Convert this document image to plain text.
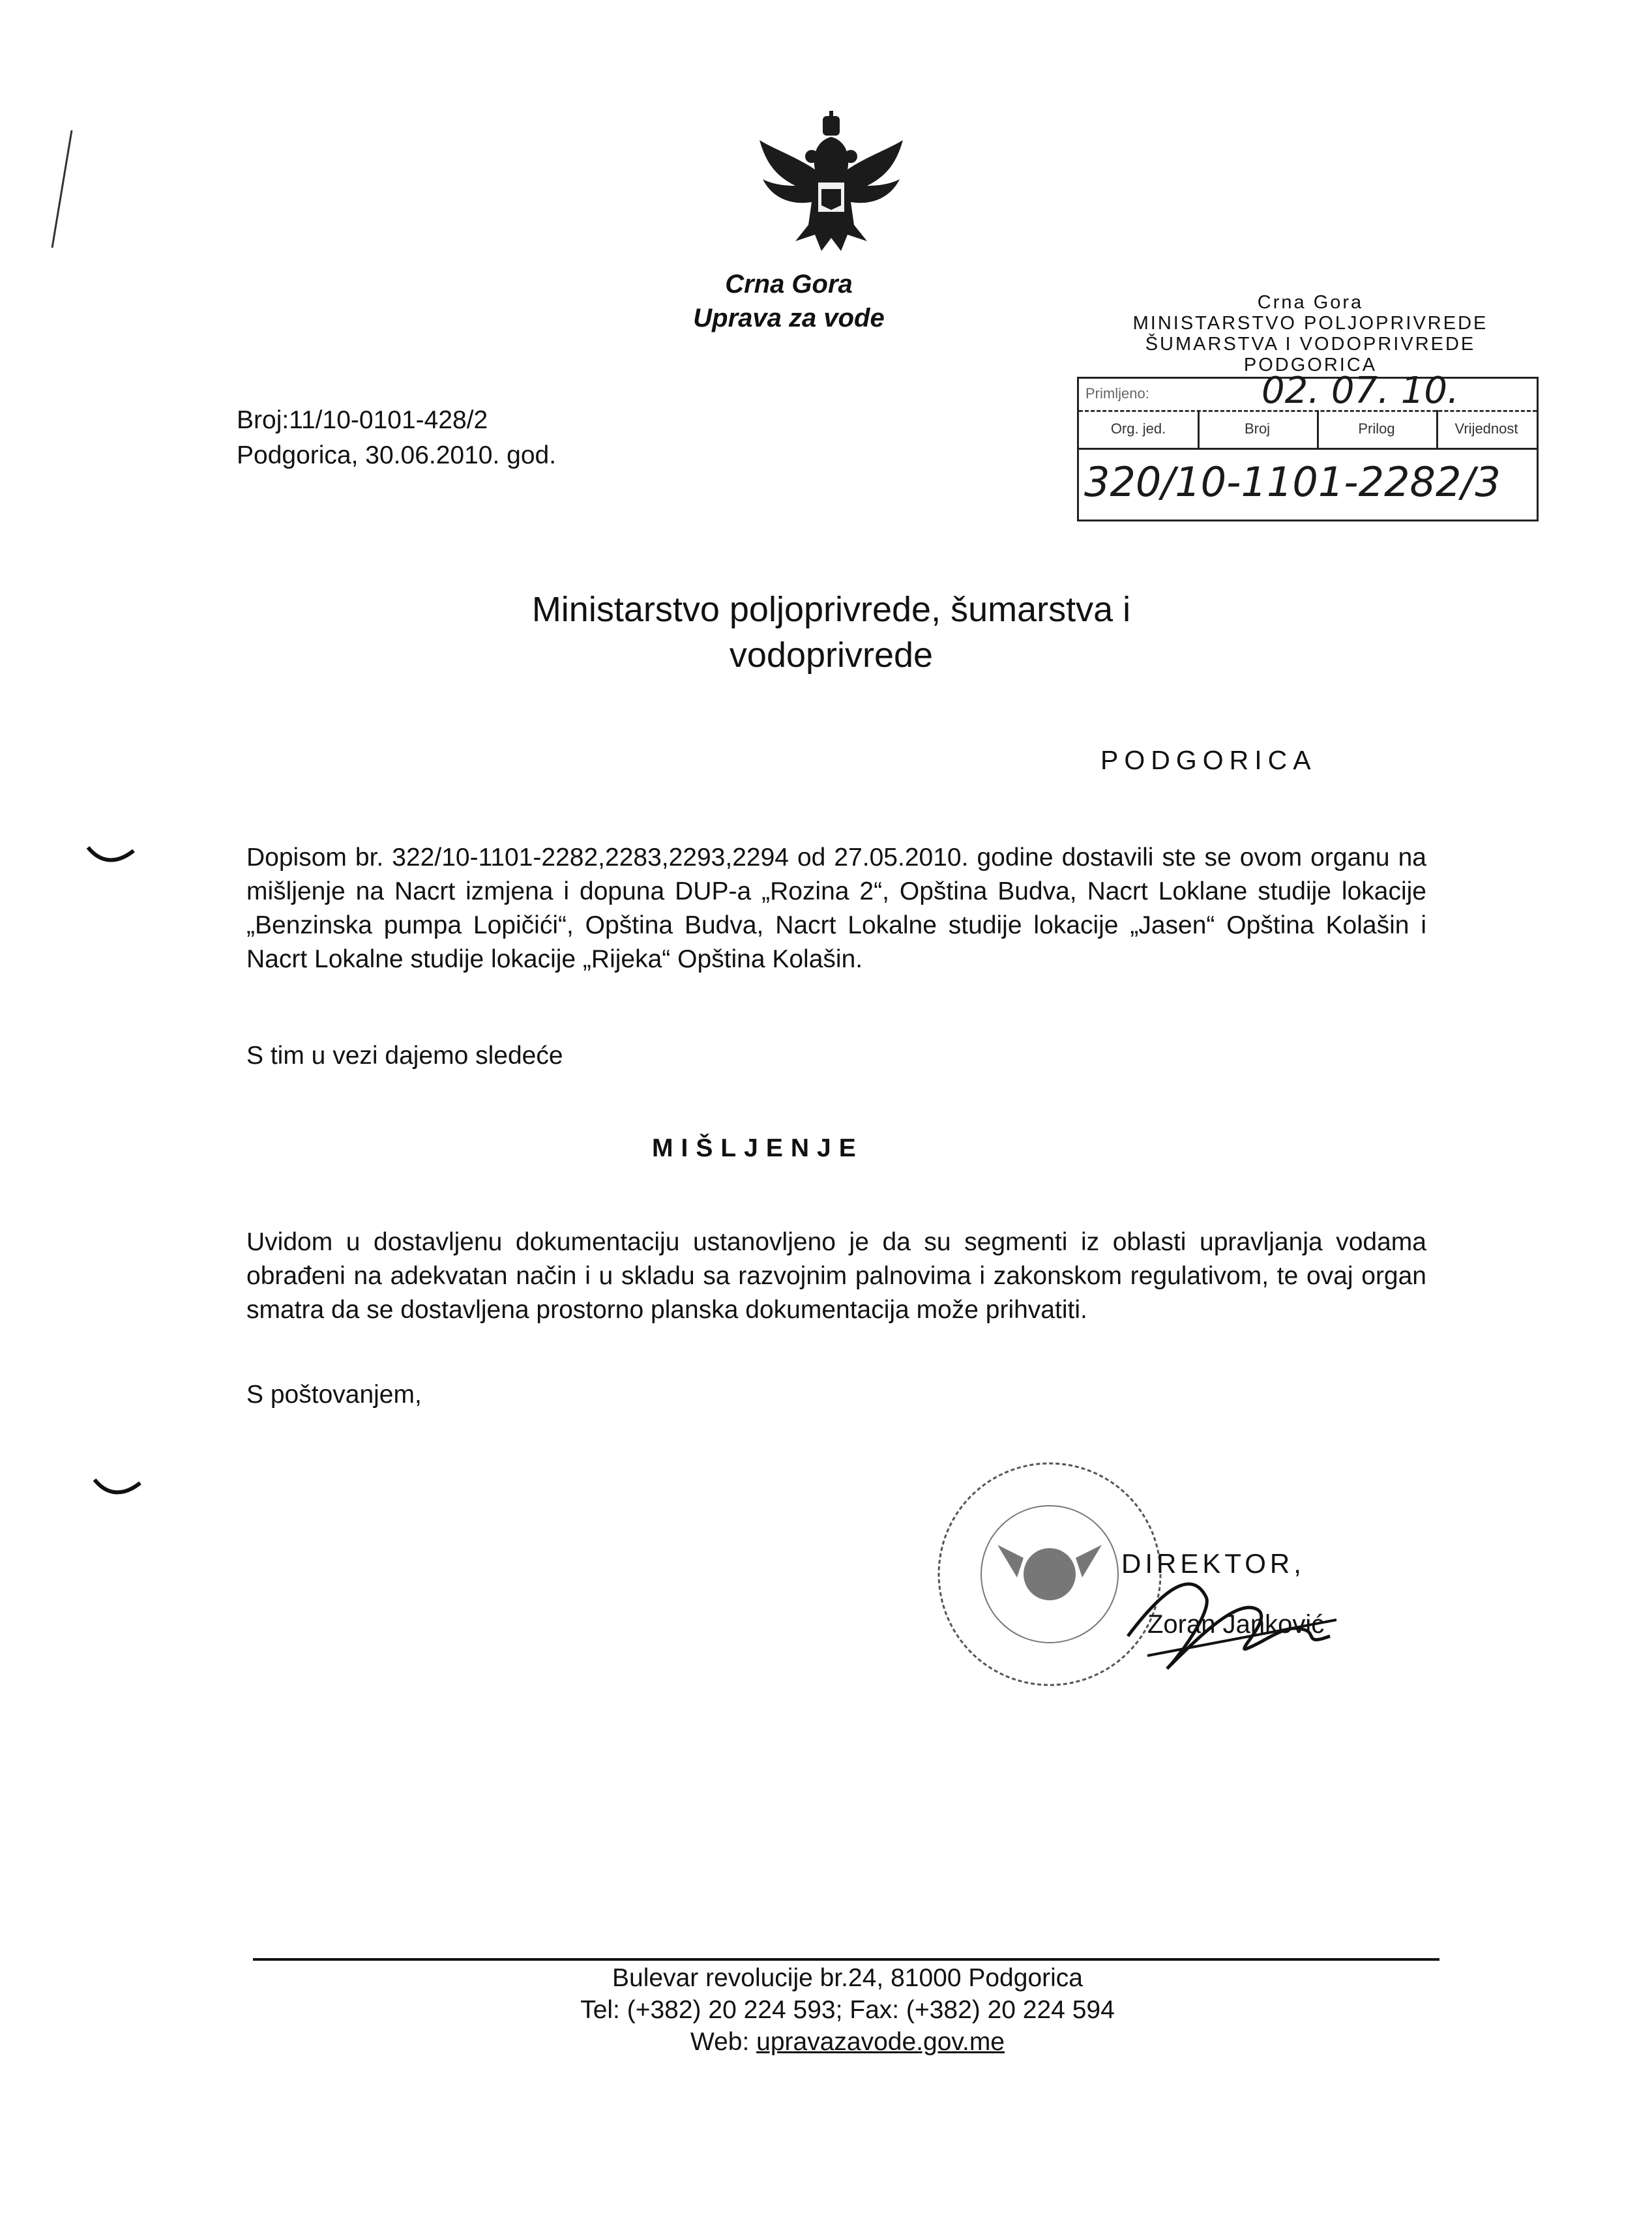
Crna Gora
Uprava za vode
Broj:11/10-0101-428/2
Podgorica, 30.06.2010. god.
Crna Gora
MINISTARSTVO POLJOPRIVREDE
ŠUMARSTVA I VODOPRIVREDE
PODGORICA
Primljeno:	02. 07. 10.
Org. jed.	Broj	Prilog	Vrijednost
320/10-1101-2282/3
Ministarstvo poljoprivrede, šumarstva i vodoprivrede
PODGORICA
Dopisom br. 322/10-1101-2282,2283,2293,2294 od 27.05.2010. godine dostavili ste se ovom organu na mišljenje na Nacrt izmjena i dopuna DUP-a „Rozina 2“, Opština Budva, Nacrt Loklane studije lokacije „Benzinska pumpa Lopičići“, Opština Budva, Nacrt Lokalne studije lokacije „Jasen“ Opština Kolašin i Nacrt Lokalne studije lokacije „Rijeka“ Opština Kolašin.
S tim u vezi dajemo sledeće
MIŠLJENJE
Uvidom u dostavljenu dokumentaciju ustanovljeno je da su segmenti iz oblasti upravljanja vodama obrađeni na adekvatan način i u skladu sa razvojnim palnovima i zakonskom regulativom, te ovaj organ smatra da se dostavljena prostorno planska dokumentacija može prihvatiti.
S poštovanjem,
DIREKTOR,
Zoran Janković
Bulevar revolucije br.24, 81000 Podgorica
Tel: (+382) 20 224 593; Fax: (+382) 20 224 594
Web: upravazavode.gov.me
